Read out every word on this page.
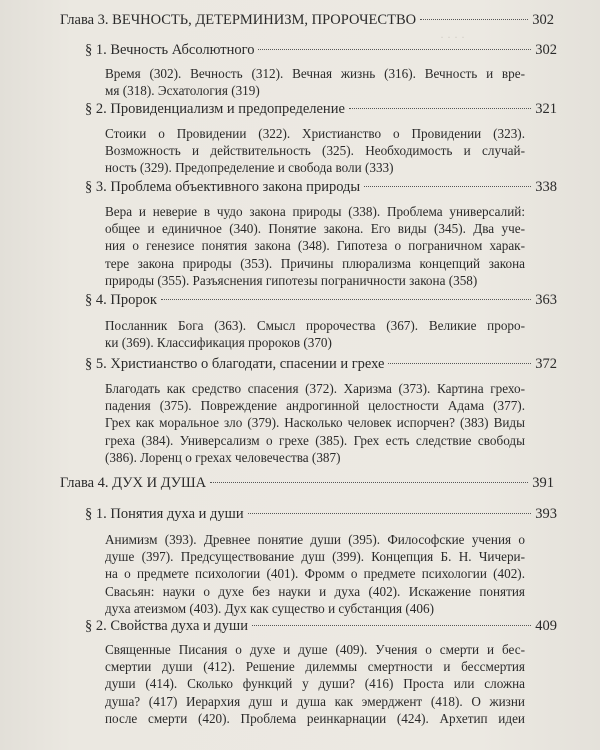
· · · ·
Глава 3. ВЕЧНОСТЬ, ДЕТЕРМИНИЗМ, ПРОРОЧЕСТВО	302
§ 1. Вечность Абсолютного	302
Время (302). Вечность (312). Вечная жизнь (316). Вечность и вре-
мя (318). Эсхатология (319)
§ 2. Провиденциализм и предопределение	321
Стоики о Провидении (322). Христианство о Провидении (323).
Возможность и действительность (325). Необходимость и случай-
ность (329). Предопределение и свобода воли (333)
§ 3. Проблема объективного закона природы	338
Вера и неверие в чудо закона природы (338). Проблема универсалий:
общее и единичное (340). Понятие закона. Его виды (345). Два уче-
ния о генезисе понятия закона (348). Гипотеза о пограничном харак-
тере закона природы (353). Причины плюрализма концепций закона
природы (355). Разъяснения гипотезы пограничности закона (358)
§ 4. Пророк	363
Посланник Бога (363). Смысл пророчества (367). Великие проро-
ки (369). Классификация пророков (370)
§ 5. Христианство о благодати, спасении и грехе	372
Благодать как средство спасения (372). Харизма (373). Картина грехо-
падения (375). Повреждение андрогинной целостности Адама (377).
Грех как моральное зло (379). Насколько человек испорчен? (383) Виды
греха (384). Универсализм о грехе (385). Грех есть следствие свободы
(386). Лоренц о грехах человечества (387)
Глава 4. ДУХ И ДУША	391
§ 1. Понятия духа и души	393
Анимизм (393). Древнее понятие души (395). Философские учения о
душе (397). Предсуществование душ (399). Концепция Б. Н. Чичери-
на о предмете психологии (401). Фромм о предмете психологии (402).
Свасьян: науки о духе без науки и духа (402). Искажение понятия
духа атеизмом (403). Дух как существо и субстанция (406)
§ 2. Свойства духа и души	409
Священные Писания о духе и душе (409). Учения о смерти и бес-
смертии души (412). Решение дилеммы смертности и бессмертия
души (414). Сколько функций у души? (416) Проста или сложна
душа? (417) Иерархия душ и душа как эмерджент (418). О жизни
после смерти (420). Проблема реинкарнации (424). Архетип идеи
